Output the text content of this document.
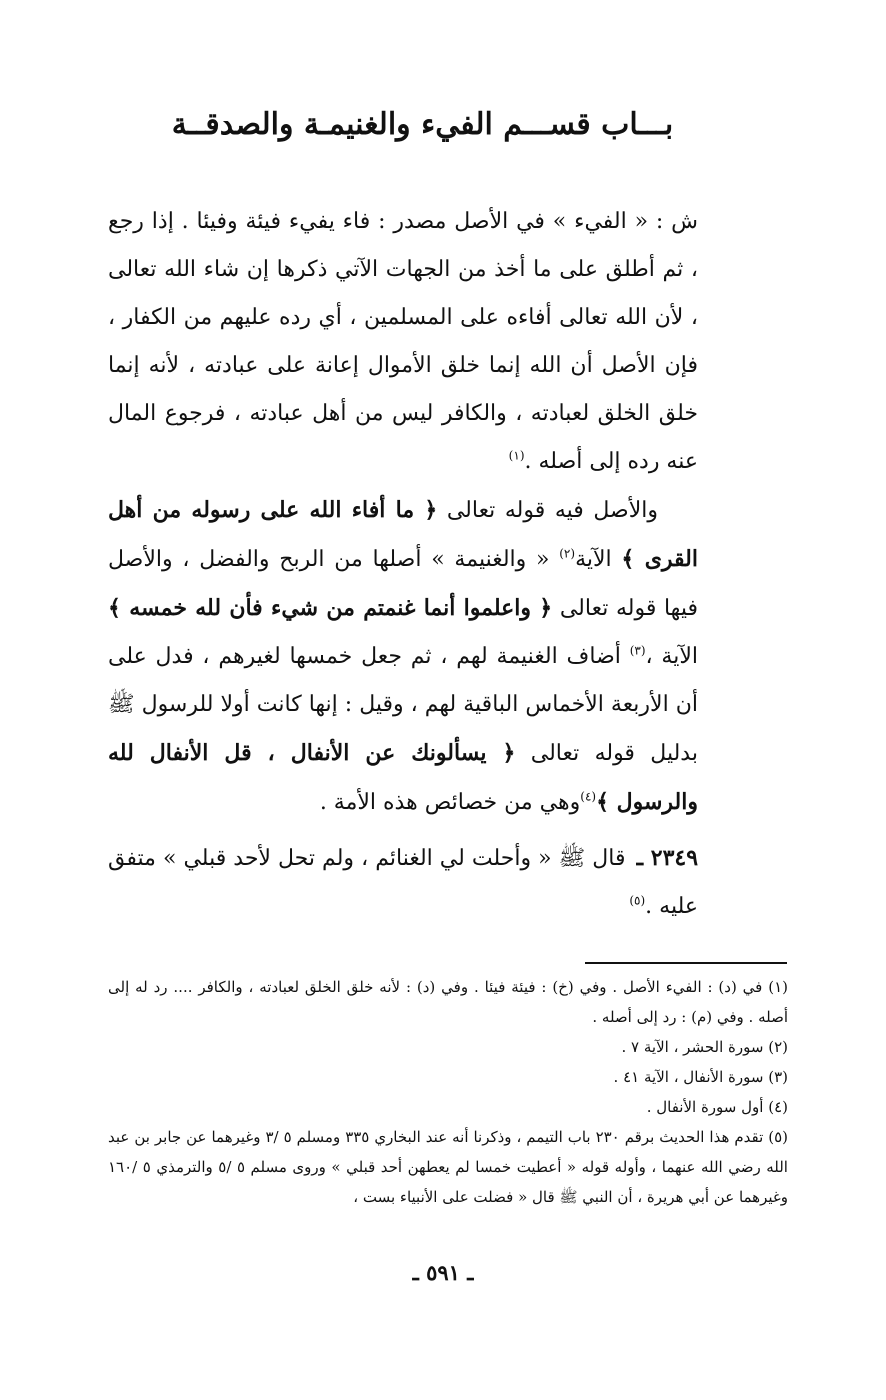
بـــاب قســـم الفيء والغنيمـة والصدقــة

ش : « الفيء » في الأصل مصدر : فاء يفيء فيئة وفيئا . إذا رجع ، ثم أطلق على ما أخذ من الجهات الآتي ذكرها إن شاء الله تعالى ، لأن الله تعالى أفاءه على المسلمين ، أي رده عليهم من الكفار ، فإن الأصل أن الله إنما خلق الأموال إعانة على عبادته ، لأنه إنما خلق الخلق لعبادته ، والكافر ليس من أهل عبادته ، فرجوع المال عنه رده إلى أصله .$^{(١)}$

والأصل فيه قوله تعالى ﴿ ما أفاء الله على رسوله من أهل القرى ﴾ الآية$^{(٢)}$ « والغنيمة » أصلها من الربح والفضل ، والأصل فيها قوله تعالى ﴿ واعلموا أنما غنمتم من شيء فأن لله خمسه ﴾ الآية ،$^{(٣)}$ أضاف الغنيمة لهم ، ثم جعل خمسها لغيرهم ، فدل على أن الأربعة الأخماس الباقية لهم ، وقيل : إنها كانت أولا للرسول ﷺ بدليل قوله تعالى ﴿ يسألونك عن الأنفال ، قل الأنفال لله والرسول ﴾$^{(٤)}$وهي من خصائص هذه الأمة .

٢٣٤٩ ـ قال ﷺ « وأحلت لي الغنائم ، ولم تحل لأحد قبلي » متفق عليه .$^{(٥)}$

(١) في (د) : الفيء الأصل . وفي (خ) : فيئة فيئا . وفي (د) : لأنه خلق الخلق لعبادته ، والكافر .... رد له إلى أصله . وفي (م) : رد إلى أصله .

(٢) سورة الحشر ، الآية ٧ .

(٣) سورة الأنفال ، الآية ٤١ .

(٤) أول سورة الأنفال .

(٥) تقدم هذا الحديث برقم ٢٣٠ باب التيمم ، وذكرنا أنه عند البخاري ٣٣٥ ومسلم ٥ /٣ وغيرهما عن جابر بن عبد الله رضي الله عنهما ، وأوله قوله « أعطيت خمسا لم يعطهن أحد قبلي » وروى مسلم ٥ /٥ والترمذي ٥ /١٦٠ وغيرهما عن أبي هريرة ، أن النبي ﷺ قال « فضلت على الأنبياء بست ،

ـ ٥٩١ ـ
